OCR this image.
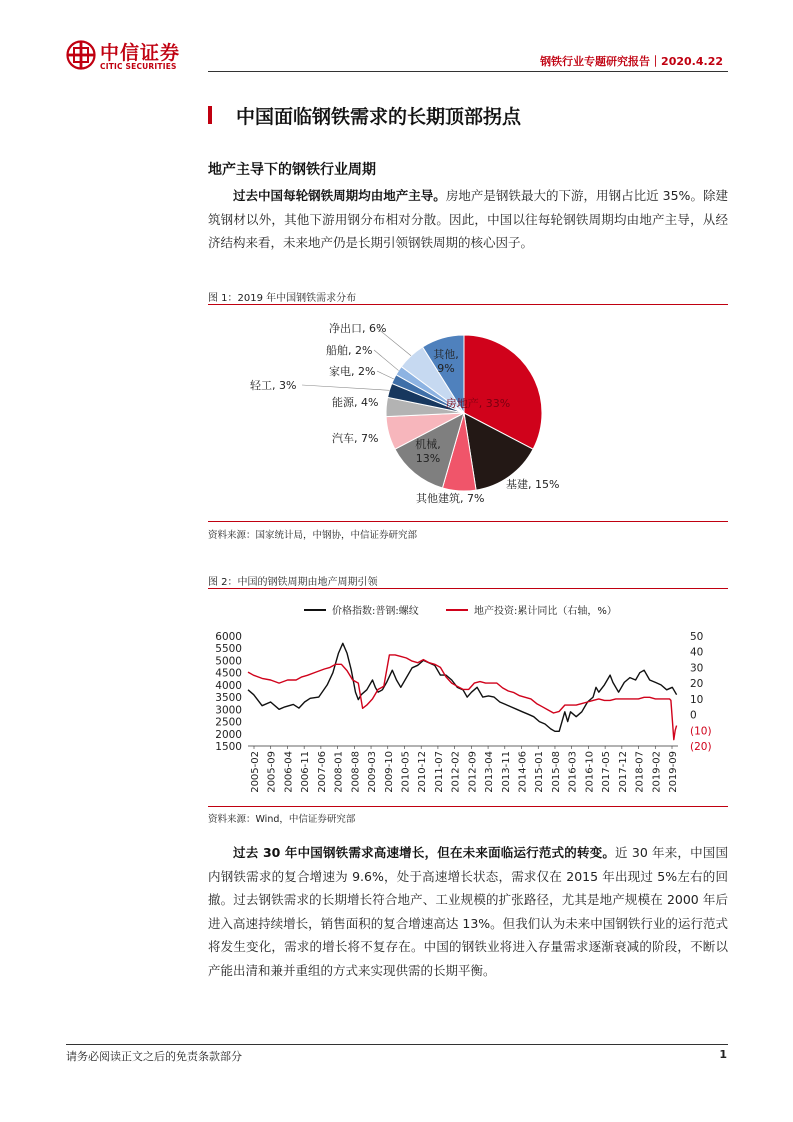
中信证券
CITIC SECURITIES	钢铁行业专题研究报告｜2020.4.22
中国面临钢铁需求的长期顶部拐点
地产主导下的钢铁行业周期
过去中国每轮钢铁周期均由地产主导。房地产是钢铁最大的下游，用钢占比近 35%。除建筑钢材以外，其他下游用钢分布相对分散。因此，中国以往每轮钢铁周期均由地产主导，从经济结构来看，未来地产仍是长期引领钢铁周期的核心因子。
图 1：2019 年中国钢铁需求分布
房地产, 33%
基建, 15%
其他建筑, 7%
机械, 13%
汽车, 7%
能源, 4%
轻工, 3%
家电, 2%
船舶, 2%
净出口, 6%
其他, 9%
资料来源：国家统计局，中钢协，中信证券研究部
图 2：中国的钢铁周期由地产周期引领
价格指数:普钢:螺纹	地产投资:累计同比（右轴，%）
6000
5500
5000
4500
4000
3500
3000
2500
2000
1500
50
40
30
20
10
0
(10)
(20)
2005-02 2005-09 2006-04 2006-11 2007-06 2008-01 2008-08 2009-03 2009-10 2010-05 2010-12 2011-07 2012-02 2012-09 2013-04 2013-11 2014-06 2015-01 2015-08 2016-03 2016-10 2017-05 2017-12 2018-07 2019-02 2019-09
资料来源：Wind，中信证券研究部
过去 30 年中国钢铁需求高速增长，但在未来面临运行范式的转变。近 30 年来，中国国内钢铁需求的复合增速为 9.6%，处于高速增长状态，需求仅在 2015 年出现过 5%左右的回撤。过去钢铁需求的长期增长符合地产、工业规模的扩张路径，尤其是地产规模在 2000 年后进入高速持续增长，销售面积的复合增速高达 13%。但我们认为未来中国钢铁行业的运行范式将发生变化，需求的增长将不复存在。中国的钢铁业将进入存量需求逐渐衰减的阶段，不断以产能出清和兼并重组的方式来实现供需的长期平衡。
请务必阅读正文之后的免责条款部分	1
